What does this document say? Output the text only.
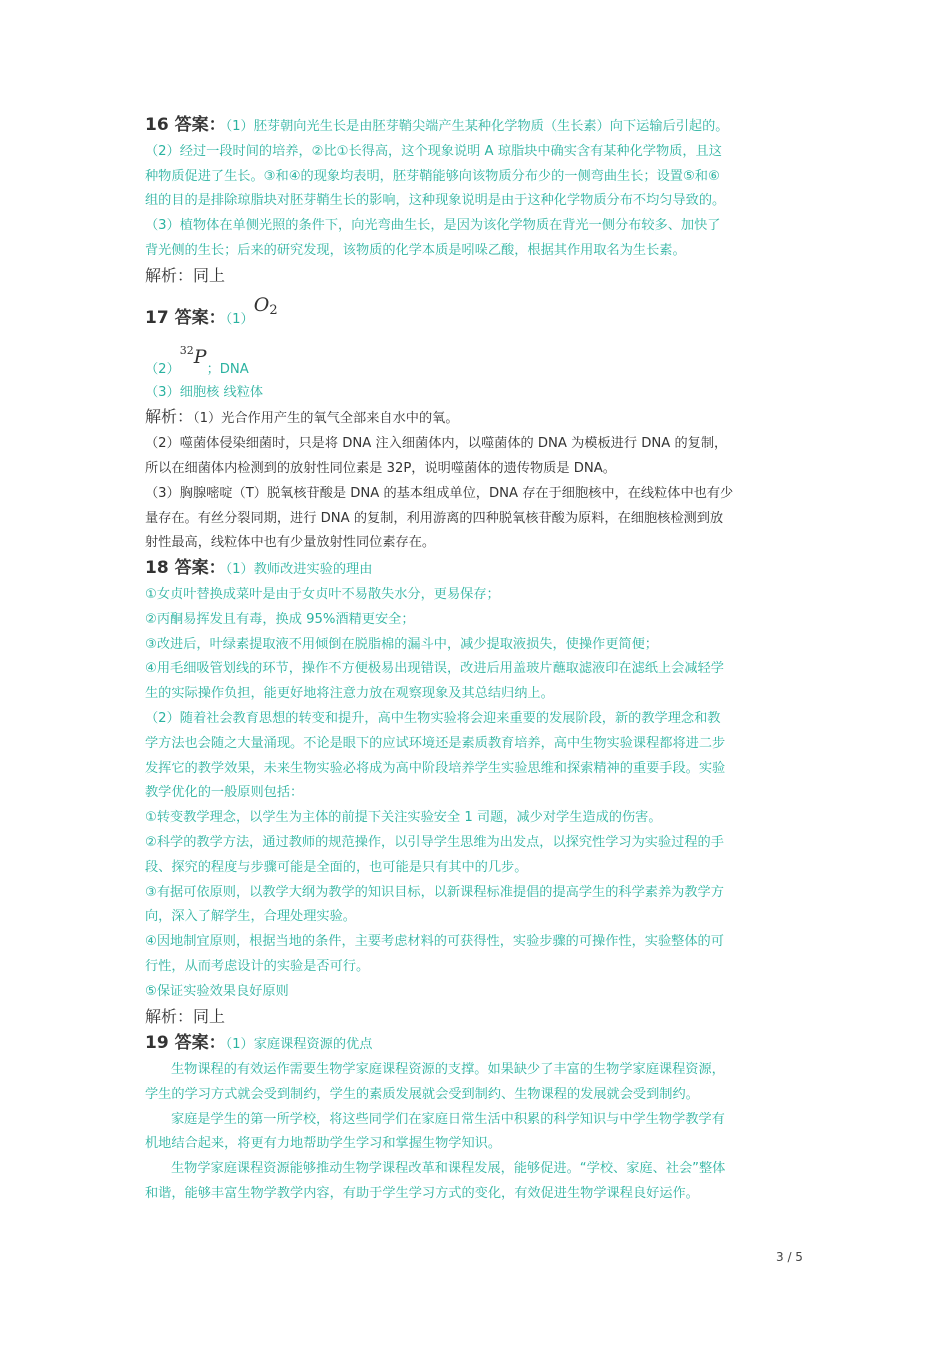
16 答案：（1）胚芽朝向光生长是由胚芽鞘尖端产生某种化学物质（生长素）向下运输后引起的。
（2）经过一段时间的培养，②比①长得高，这个现象说明 A 琼脂块中确实含有某种化学物质，且这
种物质促进了生长。③和④的现象均表明，胚芽鞘能够向该物质分布少的一侧弯曲生长；设置⑤和⑥
组的目的是排除琼脂块对胚芽鞘生长的影响，这种现象说明是由于这种化学物质分布不均匀导致的。
（3）植物体在单侧光照的条件下，向光弯曲生长，是因为该化学物质在背光一侧分布较多、加快了
背光侧的生长；后来的研究发现，该物质的化学本质是吲哚乙酸，根据其作用取名为生长素。
解析：同上
17 答案：$(1)O_2$
$(2)^{32}P$；DNA
（3）细胞核 线粒体
解析：（1）光合作用产生的氧气全部来自水中的氧。
（2）噬菌体侵染细菌时，只是将 DNA 注入细菌体内，以噬菌体的 DNA 为模板进行 DNA 的复制，
所以在细菌体内检测到的放射性同位素是 32P，说明噬菌体的遗传物质是 DNA。
（3）胸腺嘧啶（T）脱氧核苷酸是 DNA 的基本组成单位，DNA 存在于细胞核中，在线粒体中也有少
量存在。有丝分裂同期，进行 DNA 的复制，利用游离的四种脱氧核苷酸为原料，在细胞核检测到放
射性最高，线粒体中也有少量放射性同位素存在。
18 答案：（1）教师改进实验的理由
①女贞叶替换成菜叶是由于女贞叶不易散失水分，更易保存；
②丙酮易挥发且有毒，换成 95%酒精更安全；
③改进后，叶绿素提取液不用倾倒在脱脂棉的漏斗中，减少提取液损失，使操作更简便；
④用毛细吸管划线的环节，操作不方便极易出现错误，改进后用盖玻片蘸取滤液印在滤纸上会减轻学
生的实际操作负担，能更好地将注意力放在观察现象及其总结归纳上。
（2）随着社会教育思想的转变和提升，高中生物实验将会迎来重要的发展阶段，新的教学理念和教
学方法也会随之大量涌现。不论是眼下的应试环境还是素质教育培养，高中生物实验课程都将进二步
发挥它的教学效果，未来生物实验必将成为高中阶段培养学生实验思维和探索精神的重要手段。实验
教学优化的一般原则包括：
①转变教学理念，以学生为主体的前提下关注实验安全 1 司题，减少对学生造成的伤害。
②科学的教学方法，通过教师的规范操作，以引导学生思维为出发点，以探究性学习为实验过程的手
段、探究的程度与步骤可能是全面的，也可能是只有其中的几步。
③有据可依原则，以教学大纲为教学的知识目标，以新课程标准提倡的提高学生的科学素养为教学方
向，深入了解学生，合理处理实验。
④因地制宜原则，根据当地的条件，主要考虑材料的可获得性，实验步骤的可操作性，实验整体的可
行性，从而考虑设计的实验是否可行。
⑤保证实验效果良好原则
解析：同上
19 答案：（1）家庭课程资源的优点
生物课程的有效运作需要生物学家庭课程资源的支撑。如果缺少了丰富的生物学家庭课程资源，
学生的学习方式就会受到制约，学生的素质发展就会受到制约、生物课程的发展就会受到制约。
家庭是学生的第一所学校，将这些同学们在家庭日常生活中积累的科学知识与中学生物学教学有
机地结合起来，将更有力地帮助学生学习和掌握生物学知识。
生物学家庭课程资源能够推动生物学课程改革和课程发展，能够促进。“学校、家庭、社会”整体
和谐，能够丰富生物学教学内容，有助于学生学习方式的变化，有效促进生物学课程良好运作。
3 / 5
